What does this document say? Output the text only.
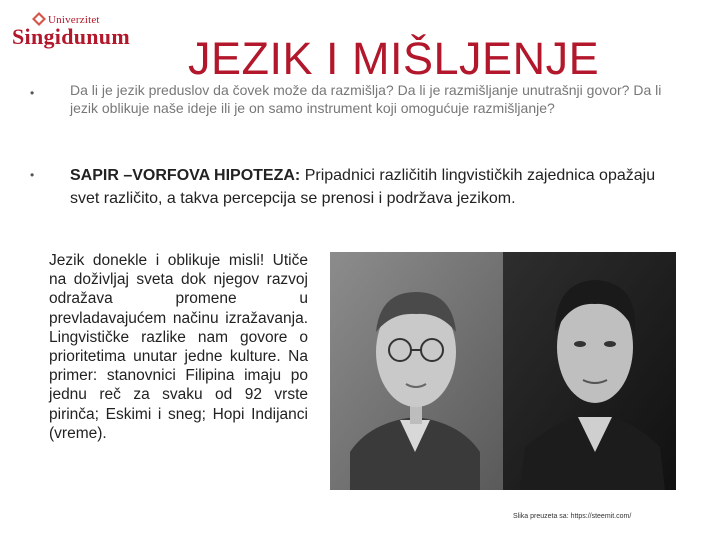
Univerzitet
Singidunum JEZIK I MIŠLJENJE
•	Da li je jezik preduslov da čovek može da razmišlja? Da li je razmišljanje unutrašnji govor? Da li jezik oblikuje naše ideje ili je on samo instrument koji omogućuje razmišljanje?
• SAPIR –VORFOVA HIPOTEZA: Pripadnici različitih lingvističkih zajednica opažaju svet različito, a takva percepcija se prenosi i podržava jezikom.
Jezik donekle i oblikuje misli! Utiče na doživljaj sveta dok njegov razvoj odražava promene u prevladavajućem načinu izražavanja. Lingvističke razlike nam govore o prioritetima unutar jedne kulture. Na primer: stanovnici Filipina imaju po jednu reč za svaku od 92 vrste pirinča; Eskimi i sneg; Hopi Indijanci (vreme).
Slika preuzeta sa: https://steemit.com/
